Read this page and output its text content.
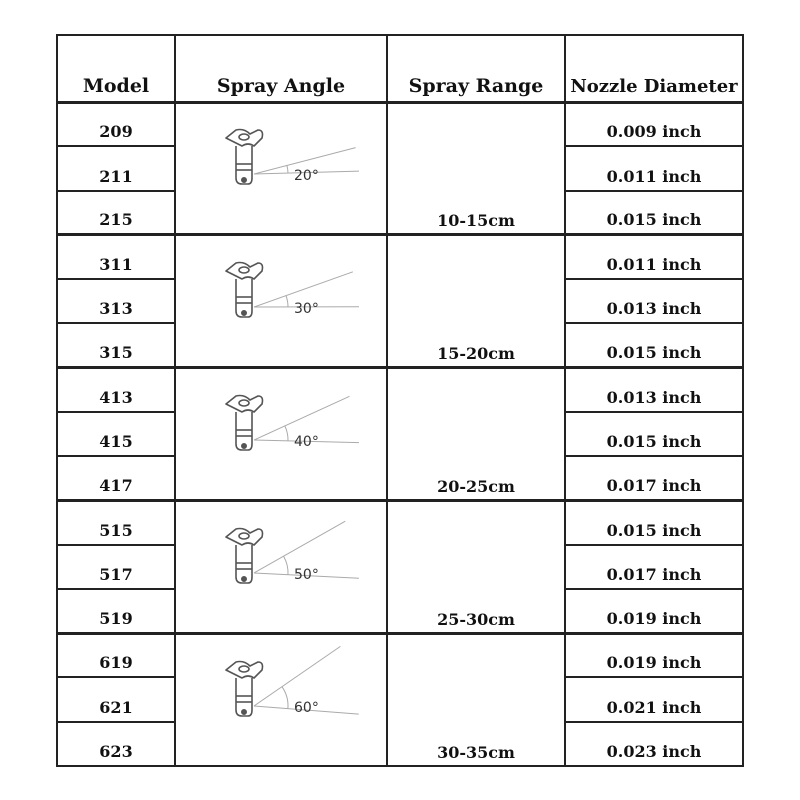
Model	Spray Angle	Spray Range	Nozzle Diameter
209	20°	10-15cm	0.009 inch
211			0.011 inch
215			0.015 inch
311	30°	15-20cm	0.011 inch
313			0.013 inch
315			0.015 inch
413	40°	20-25cm	0.013 inch
415			0.015 inch
417			0.017 inch
515	50°	25-30cm	0.015 inch
517			0.017 inch
519			0.019 inch
619	60°	30-35cm	0.019 inch
621			0.021 inch
623			0.023 inch
